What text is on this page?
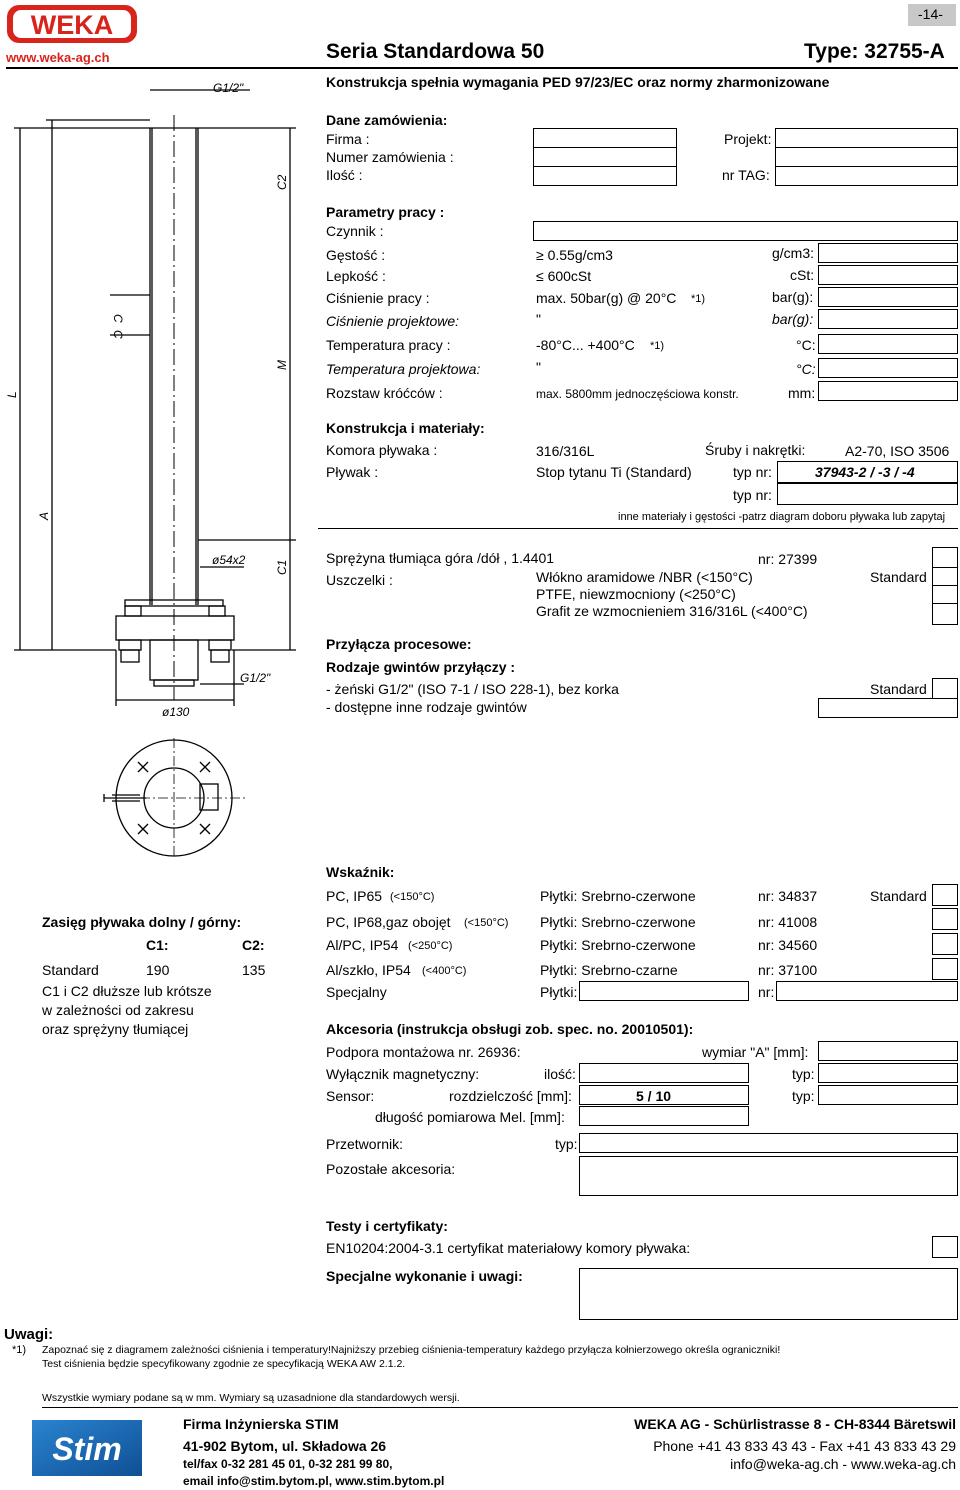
WEKA
www.weka-ag.ch
-14-
Seria Standardowa 50	Type: 32755-A
Konstrukcja spełnia wymagania PED 97/23/EC oraz normy zharmonizowane
G1/2"
C2
C
C
M
L
A
ø54x2 C1
G1/2"
ø130
Dane zamówienia:
Firma :
Numer zamówienia :
Ilość :
Projekt:
nr TAG:
Parametry pracy :
Czynnik :
Gęstość :	≥ 0.55g/cm3	g/cm3:
Lepkość :	≤ 600cSt	cSt:
Ciśnienie pracy :	max. 50bar(g) @ 20°C *1)	bar(g):
Ciśnienie projektowe:	"	bar(g):
Temperatura pracy :	-80°C... +400°C *1)	°C:
Temperatura projektowa:	"	°C:
Rozstaw króćców :	max. 5800mm jednoczęściowa konstr.	mm:
Konstrukcja i materiały:
Komora pływaka :	316/316L	Śruby i nakrętki:	A2-70, ISO 3506
Pływak :	Stop tytanu Ti (Standard)	typ nr:	37943-2 / -3 / -4
typ nr:
inne materiały i gęstości -patrz diagram doboru pływaka lub zapytaj
Sprężyna tłumiąca góra /dół , 1.4401	nr: 27399
Uszczelki :	Włókno aramidowe /NBR (<150°C)
PTFE, niewzmocniony (<250°C)
Grafit ze wzmocnieniem 316/316L (<400°C)
Standard
Przyłącza procesowe:
Rodzaje gwintów przyłączy :
- żeński G1/2" (ISO 7-1 / ISO 228-1), bez korka
- dostępne inne rodzaje gwintów
Standard
Zasięg pływaka dolny / górny:
C1:	C2:
Standard	190	135
C1 i C2 dłuższe lub krótsze
w zależności od zakresu
oraz sprężyny tłumiącej
Wskaźnik:
PC, IP65 (<150°C)	Płytki: Srebrno-czerwone	nr: 34837	Standard
PC, IP68,gaz obojęt (<150°C) Płytki: Srebrno-czerwone	nr: 41008
Al/PC, IP54 (<250°C)	Płytki: Srebrno-czerwone	nr: 34560
Al/szkło, IP54 (<400°C)	Płytki: Srebrno-czarne	nr: 37100
Specjalny	Płytki:	nr:
Akcesoria (instrukcja obsługi zob. spec. no. 20010501):
Podpora montażowa nr. 26936:	wymiar "A" [mm]:
Wyłącznik magnetyczny:	ilość:	typ:
Sensor:	rozdzielczość [mm]:	5 / 10	typ:
długość pomiarowa Mel. [mm]:
Przetwornik:	typ:
Pozostałe akcesoria:
Testy i certyfikaty:
EN10204:2004-3.1 certyfikat materiałowy komory pływaka:
Specjalne wykonanie i uwagi:
Uwagi:
*1) Zapoznać się z diagramem zależności ciśnienia i temperatury!Najniższy przebieg ciśnienia-temperatury każdego przyłącza kołnierzowego określa ograniczniki!
Test ciśnienia będzie specyfikowany zgodnie ze specyfikacją WEKA AW 2.1.2.
Wszystkie wymiary podane są w mm. Wymiary są uzasadnione dla standardowych wersji.
Stim
Firma Inżynierska STIM
41-902 Bytom, ul. Składowa 26
tel/fax 0-32 281 45 01, 0-32 281 99 80,
email info@stim.bytom.pl, www.stim.bytom.pl
WEKA AG - Schürlistrasse 8 - CH-8344 Bäretswil
Phone +41 43 833 43 43 - Fax +41 43 833 43 29
info@weka-ag.ch - www.weka-ag.ch
